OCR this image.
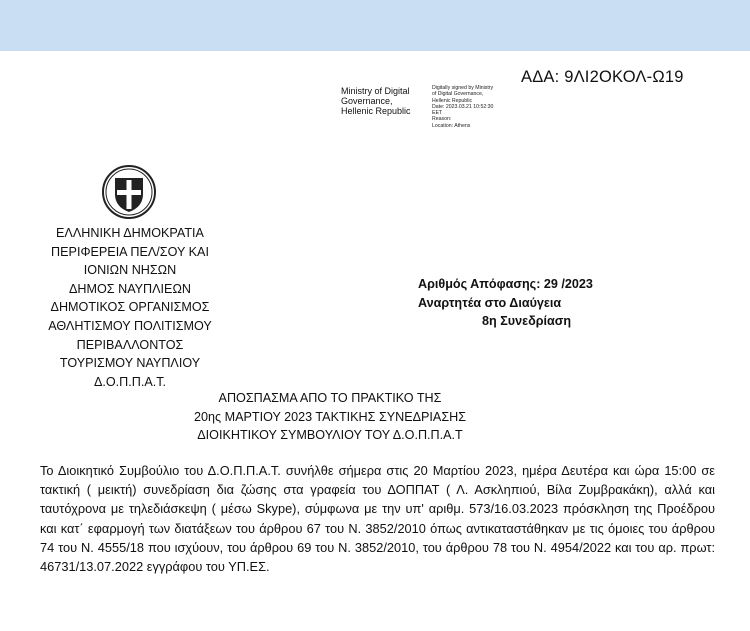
ΑΔΑ: 9ΛΙ2ΟΚΟΛ-Ω19
Ministry of Digital
Governance,
Hellenic Republic
Digitally signed by Ministry
of Digital Governance,
Hellenic Republic
Date: 2023.03.21 10:52:30
EET
Reason:
Location: Athens
ΕΛΛΗΝΙΚΗ ΔΗΜΟΚΡΑΤΙΑ
ΠΕΡΙΦΕΡΕΙΑ ΠΕΛ/ΣΟΥ ΚΑΙ
ΙΟΝΙΩΝ ΝΗΣΩΝ
ΔΗΜΟΣ ΝΑΥΠΛΙΕΩΝ
ΔΗΜΟΤΙΚΟΣ ΟΡΓΑΝΙΣΜΟΣ
ΑΘΛΗΤΙΣΜΟΥ ΠΟΛΙΤΙΣΜΟΥ
ΠΕΡΙΒΑΛΛΟΝΤΟΣ
ΤΟΥΡΙΣΜΟΥ ΝΑΥΠΛΙΟΥ
Δ.Ο.Π.Π.Α.Τ.
Αριθμός Απόφασης: 29 /2023
Αναρτητέα στο Διαύγεια
8η Συνεδρίαση
ΑΠΟΣΠΑΣΜΑ ΑΠΟ ΤΟ ΠΡΑΚΤΙΚΟ ΤΗΣ
20ης ΜΑΡΤΙΟΥ 2023 ΤΑΚΤΙΚΗΣ ΣΥΝΕΔΡΙΑΣΗΣ
ΔΙΟΙΚΗΤΙΚΟΥ ΣΥΜΒΟΥΛΙΟΥ ΤΟΥ Δ.Ο.Π.Π.Α.Τ
Το Διοικητικό Συμβούλιο του Δ.Ο.Π.Π.Α.Τ. συνήλθε σήμερα στις 20 Μαρτίου 2023, ημέρα Δευτέρα και ώρα 15:00 σε τακτική ( μεικτή) συνεδρίαση δια ζώσης στα γραφεία του ΔΟΠΠΑΤ ( Λ. Ασκληπιού, Βίλα Ζυμβρακάκη), αλλά και ταυτόχρονα με τηλεδιάσκεψη ( μέσω Skype), σύμφωνα με την υπ' αριθμ. 573/16.03.2023 πρόσκληση της Προέδρου και κατ΄ εφαρμογή των διατάξεων του άρθρου 67 του Ν. 3852/2010 όπως αντικαταστάθηκαν με τις όμοιες του άρθρου 74 του Ν. 4555/18 που ισχύουν, του άρθρου 69 του Ν. 3852/2010, του άρθρου 78 του Ν. 4954/2022 και του αρ. πρωτ: 46731/13.07.2022 εγγράφου του ΥΠ.ΕΣ.
